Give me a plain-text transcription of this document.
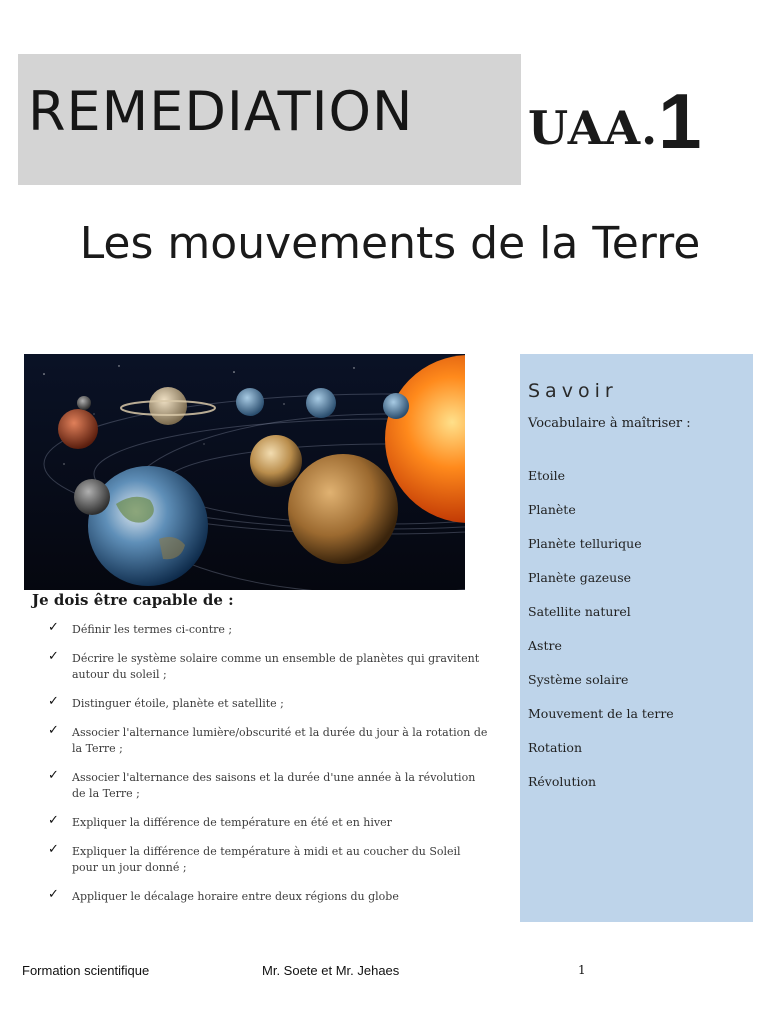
REMEDIATION UAA.1
Les mouvements de la Terre
Je dois être capable de :
✓ Définir les termes ci-contre ;
✓ Décrire le système solaire comme un ensemble de planètes qui gravitent autour du soleil ;
✓ Distinguer étoile, planète et satellite ;
✓ Associer l'alternance lumière/obscurité et la durée du jour à la rotation de la Terre ;
✓ Associer l'alternance des saisons et la durée d'une année à la révolution de la Terre ;
✓ Expliquer la différence de température en été et en hiver
✓ Expliquer la différence de température à midi et au coucher du Soleil pour un jour donné ;
✓ Appliquer le décalage horaire entre deux régions du globe
Savoir
Vocabulaire à maîtriser :
Etoile
Planète
Planète tellurique
Planète gazeuse
Satellite naturel
Astre
Système solaire
Mouvement de la terre
Rotation
Révolution
Formation scientifique	Mr. Soete et Mr. Jehaes	1
